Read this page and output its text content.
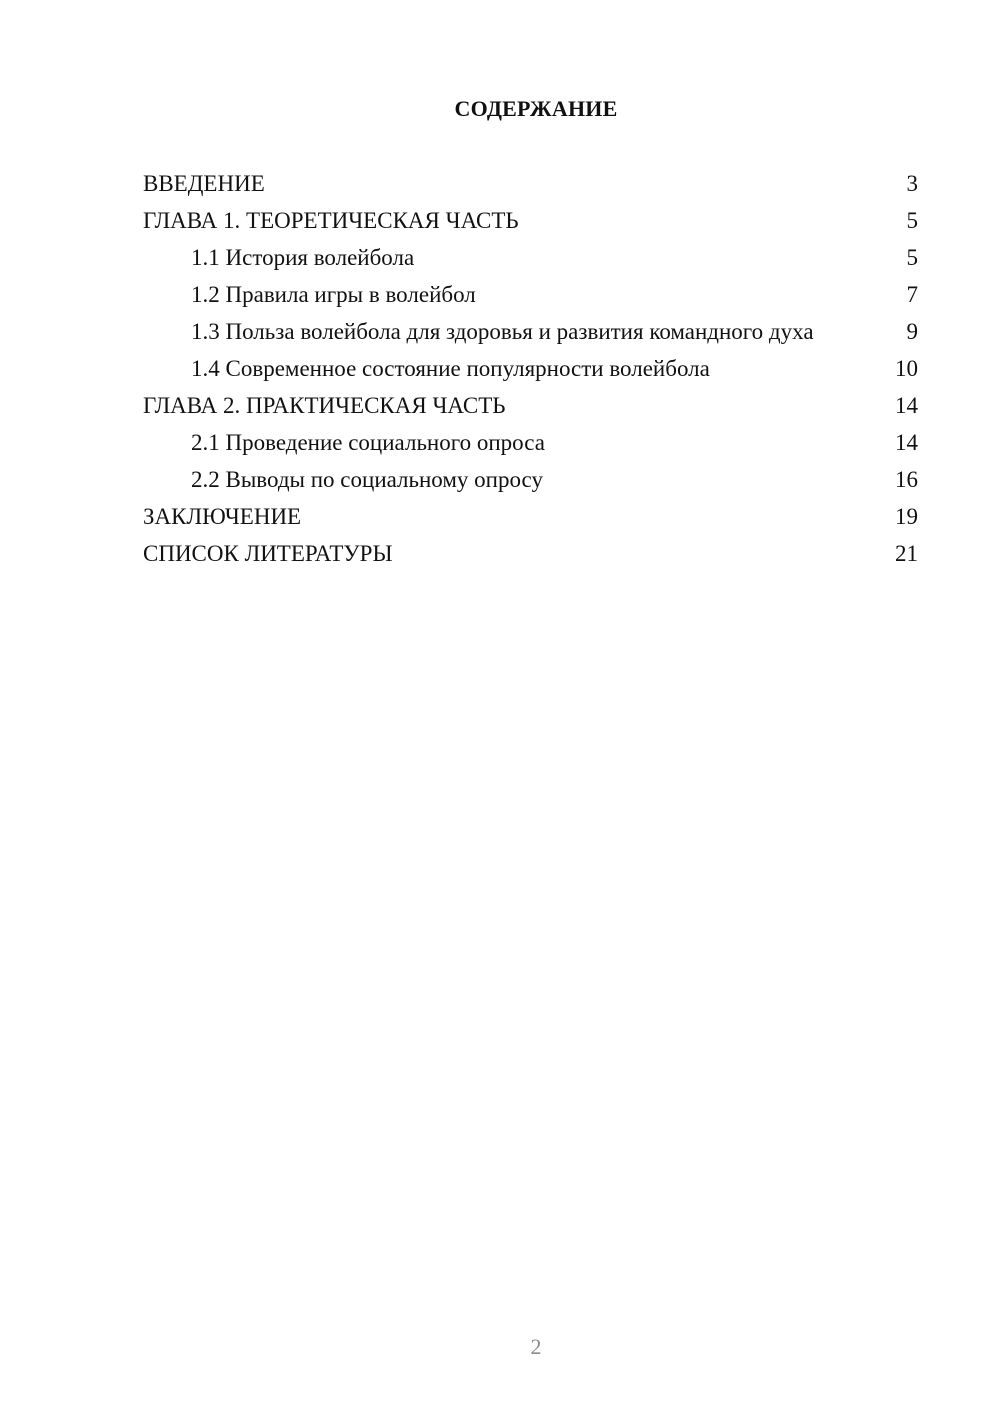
СОДЕРЖАНИЕ
ВВЕДЕНИЕ	3
ГЛАВА 1. ТЕОРЕТИЧЕСКАЯ ЧАСТЬ	5
1.1 История волейбола	5
1.2 Правила игры в волейбол	7
1.3 Польза волейбола для здоровья и развития командного духа	9
1.4 Современное состояние популярности волейбола	10
ГЛАВА 2. ПРАКТИЧЕСКАЯ ЧАСТЬ	14
2.1 Проведение социального опроса	14
2.2 Выводы по социальному опросу	16
ЗАКЛЮЧЕНИЕ	19
СПИСОК ЛИТЕРАТУРЫ	21
2
